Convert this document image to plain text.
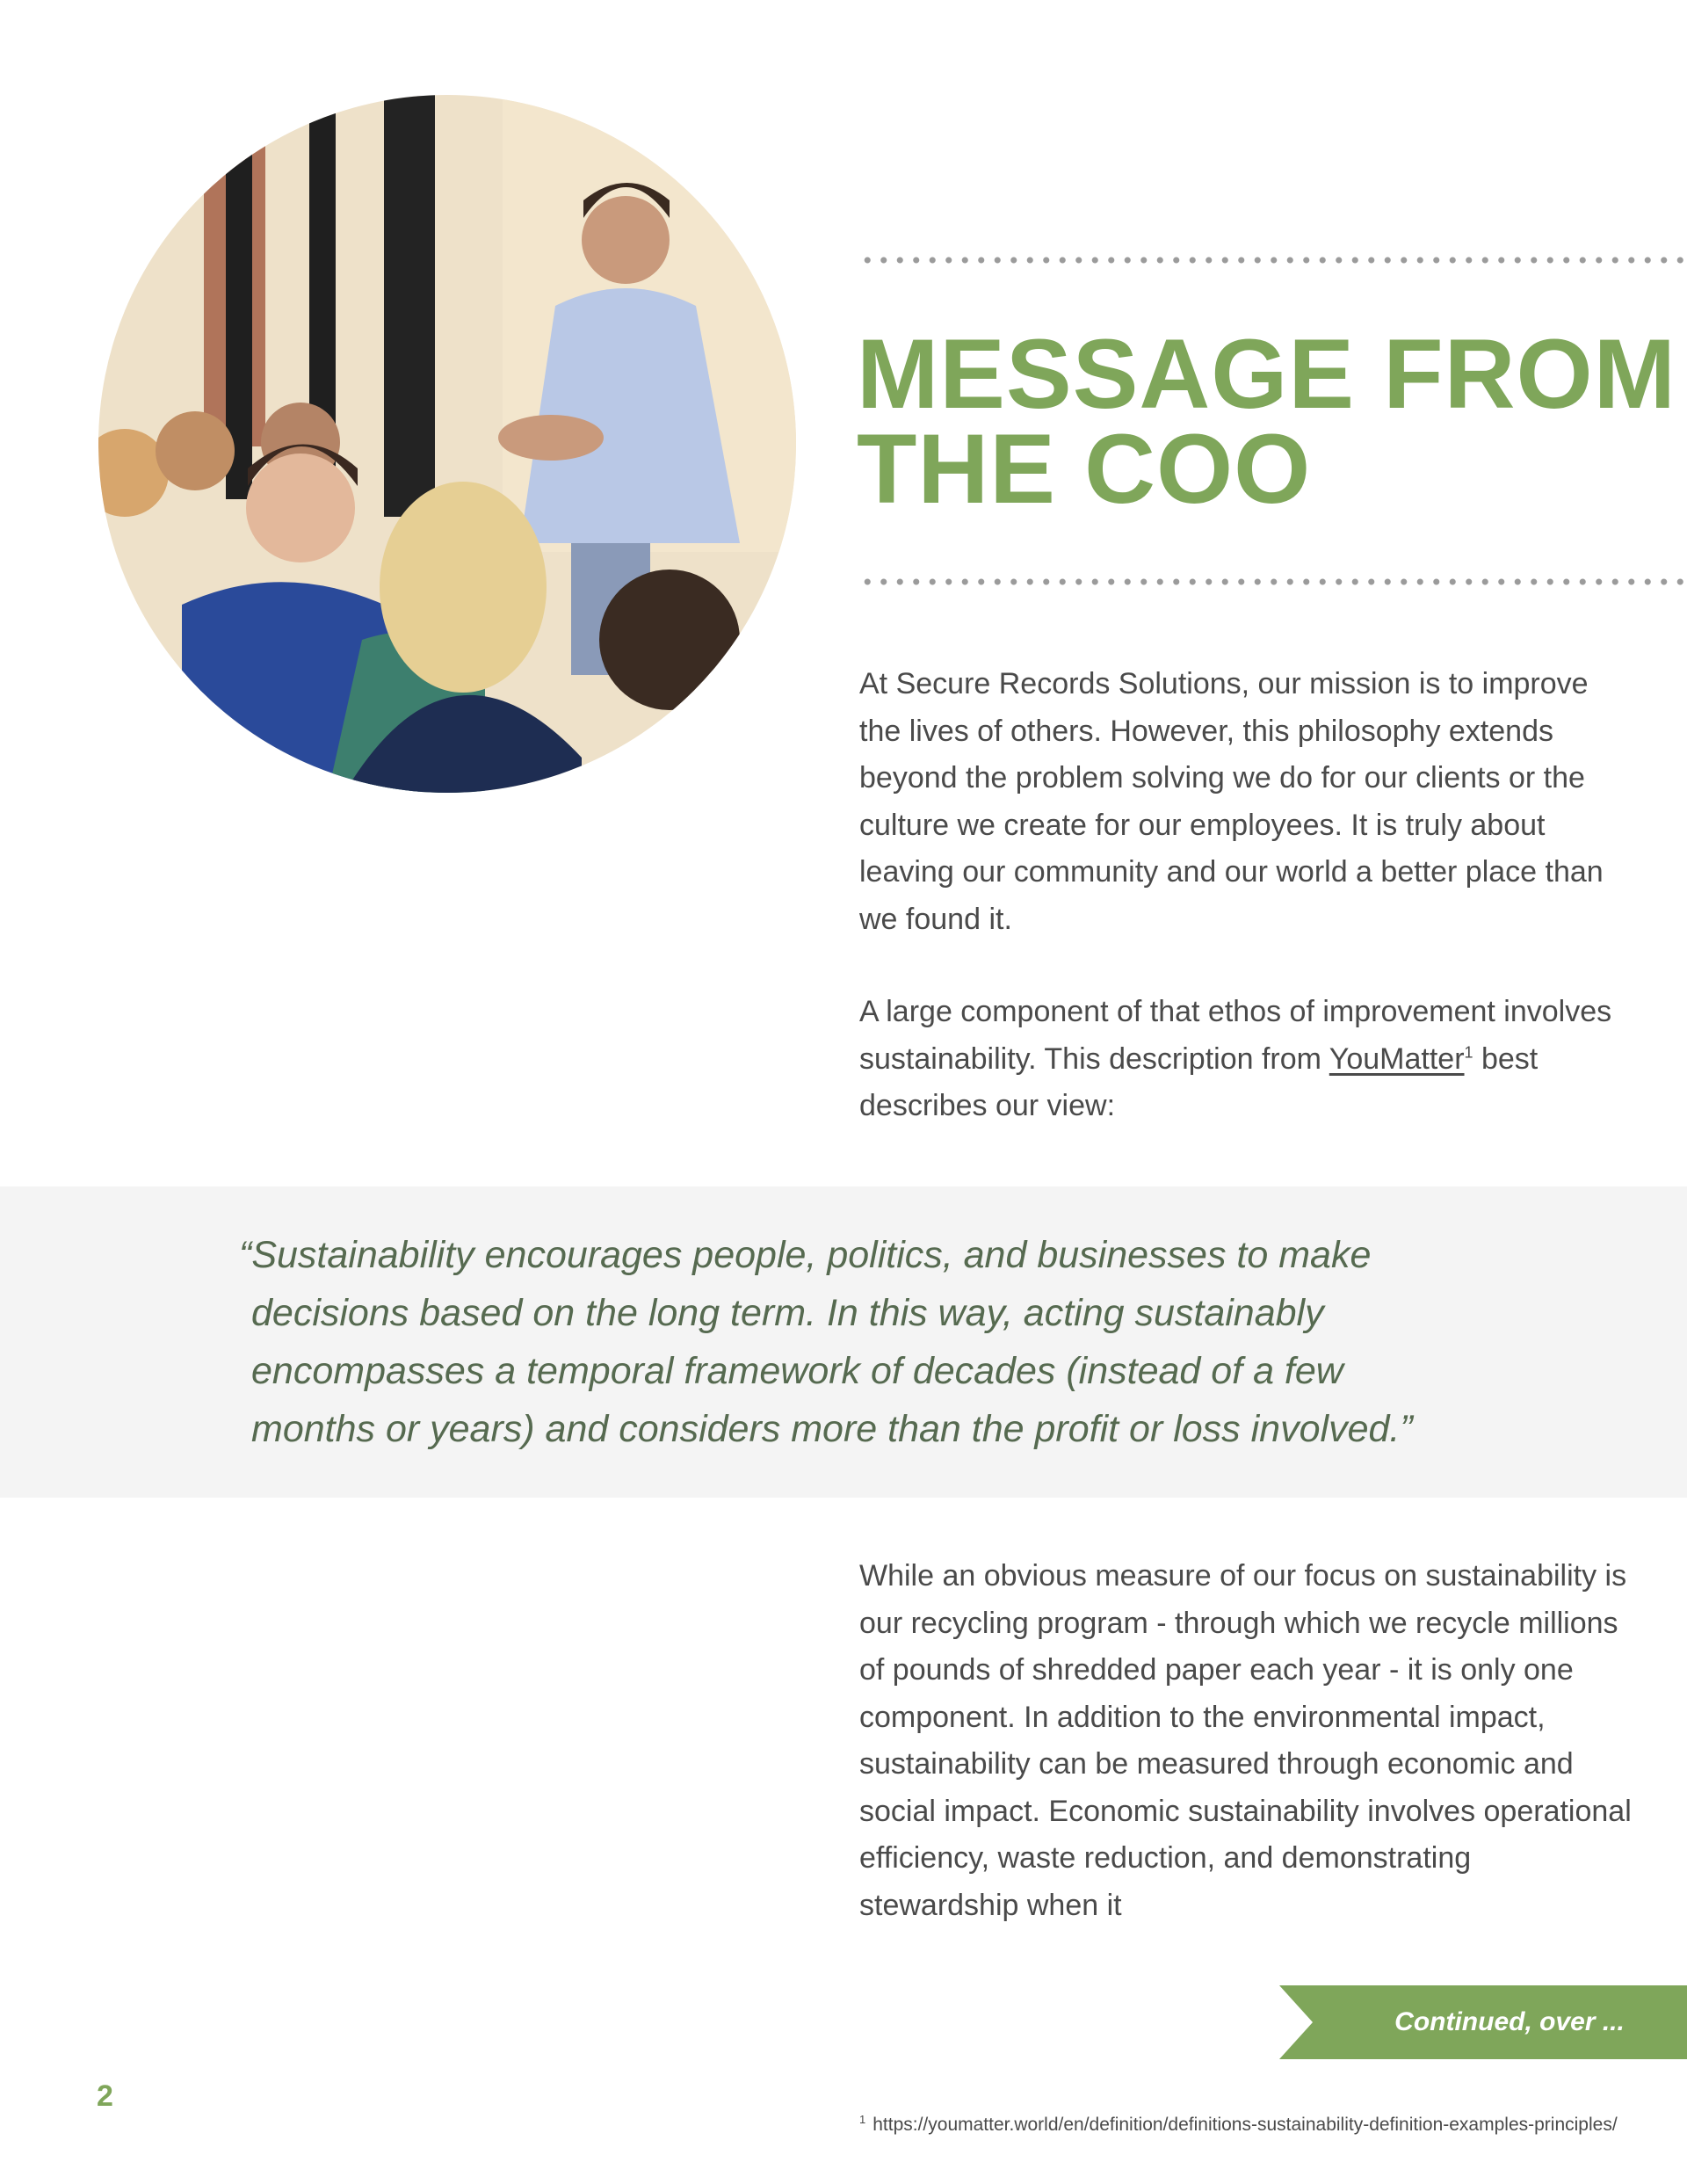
MESSAGE FROM
THE COO

At Secure Records Solutions, our mission is to improve the lives of others. However, this philosophy extends beyond the problem solving we do for our clients or the culture we create for our employees. It is truly about leaving our community and our world a better place than we found it.

A large component of that ethos of improvement involves sustainability. This description from YouMatter$^1$ best describes our view:

“Sustainability encourages people, politics, and businesses to make
decisions based on the long term. In this way, acting sustainably
encompasses a temporal framework of decades (instead of a few
months or years) and considers more than the profit or loss involved.”

While an obvious measure of our focus on sustainability is our recycling program - through which we recycle millions of pounds of shredded paper each year - it is only one component. In addition to the environmental impact, sustainability can be measured through economic and social impact. Economic sustainability involves operational efficiency, waste reduction, and demonstrating stewardship when it

Continued, over ...
2
$^1$ https://youmatter.world/en/definition/definitions-sustainability-definition-examples-principles/
